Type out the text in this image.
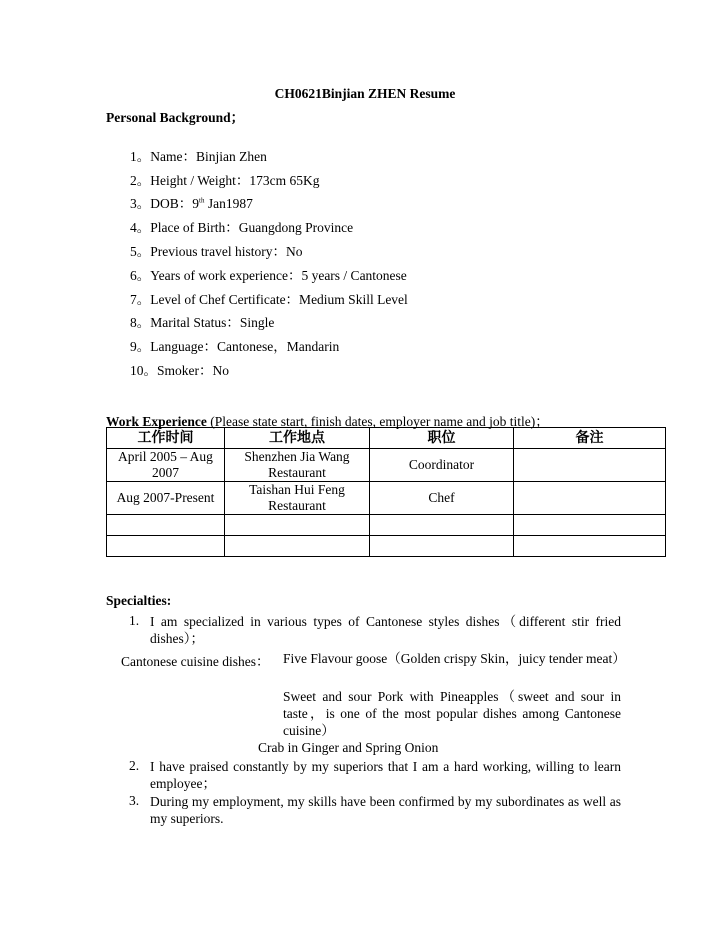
CH0621Binjian ZHEN Resume
Personal Background；
1。Name：Binjian Zhen
2。Height / Weight：173cm 65Kg
3。DOB：9th Jan1987
4。Place of Birth：Guangdong Province
5。Previous travel history：No
6。Years of work experience：5 years / Cantonese
7。Level of Chef Certificate：Medium Skill Level
8。Marital Status：Single
9。Language：Cantonese，Mandarin
10。Smoker：No
Work Experience (Please state start, finish dates, employer name and job title)；
工作时间	工作地点	职位	备注
April 2005 – Aug 2007	Shenzhen Jia Wang Restaurant	Coordinator	
Aug 2007-Present	Taishan Hui Feng Restaurant	Chef	

Specialties:
1. I am specialized in various types of Cantonese styles dishes（different stir fried dishes）；
Cantonese cuisine dishes： Five Flavour goose（Golden crispy Skin，juicy tender meat）
Sweet and sour Pork with Pineapples（sweet and sour in taste，is one of the most popular dishes among Cantonese cuisine）
Crab in Ginger and Spring Onion
2. I have praised constantly by my superiors that I am a hard working, willing to learn employee；
3. During my employment, my skills have been confirmed by my subordinates as well as my superiors.
